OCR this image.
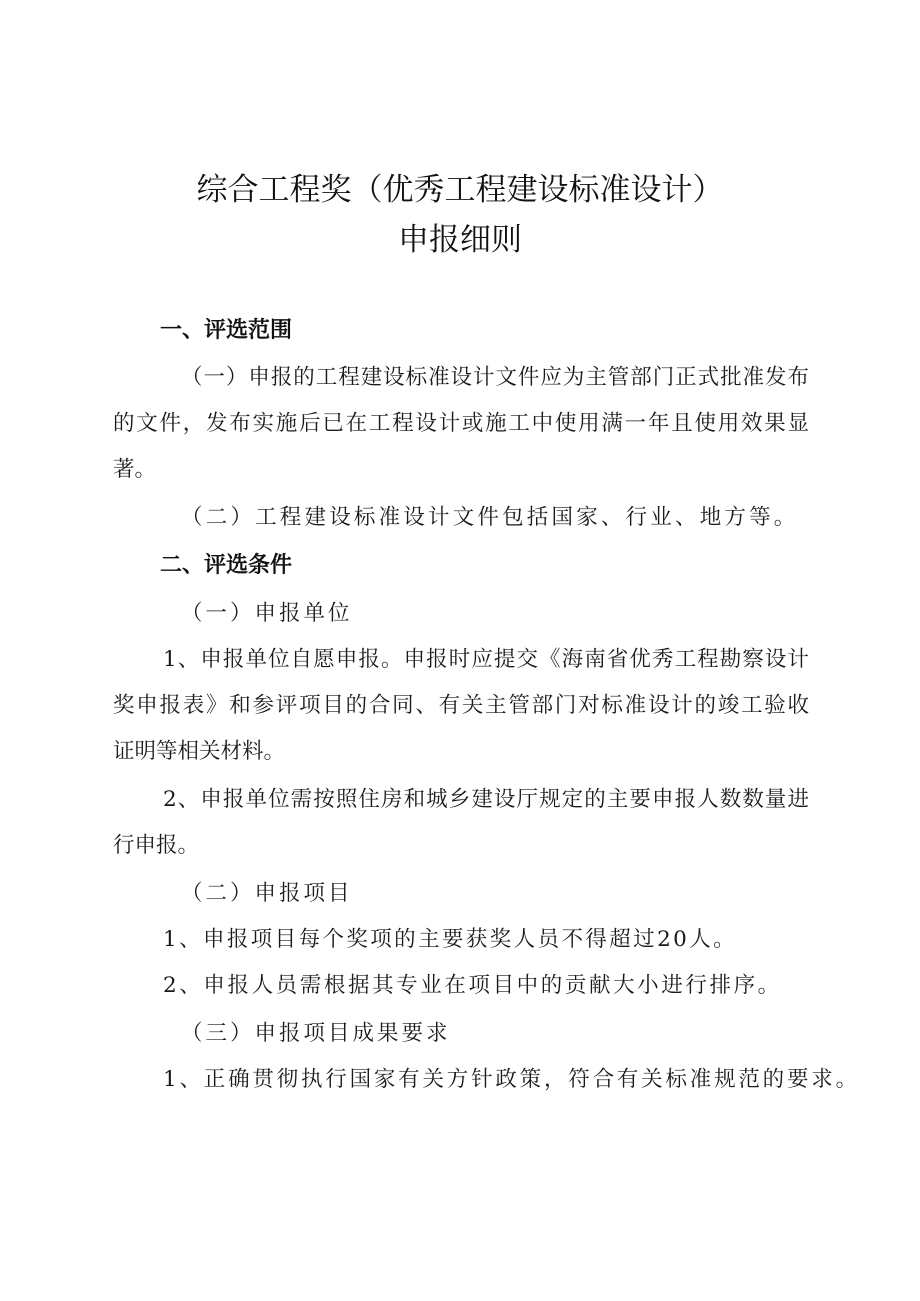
综合工程奖（优秀工程建设标准设计）
申报细则
一、评选范围
（一）申报的工程建设标准设计文件应为主管部门正式批准发布
的文件，发布实施后已在工程设计或施工中使用满一年且使用效果显
著。
（二）工程建设标准设计文件包括国家、行业、地方等。
二、评选条件
（一）申报单位
1、申报单位自愿申报。申报时应提交《海南省优秀工程勘察设计
奖申报表》和参评项目的合同、有关主管部门对标准设计的竣工验收
证明等相关材料。
2、申报单位需按照住房和城乡建设厅规定的主要申报人数数量进
行申报。
（二）申报项目
1、申报项目每个奖项的主要获奖人员不得超过20人。
2、申报人员需根据其专业在项目中的贡献大小进行排序。
（三）申报项目成果要求
1、正确贯彻执行国家有关方针政策，符合有关标准规范的要求。
